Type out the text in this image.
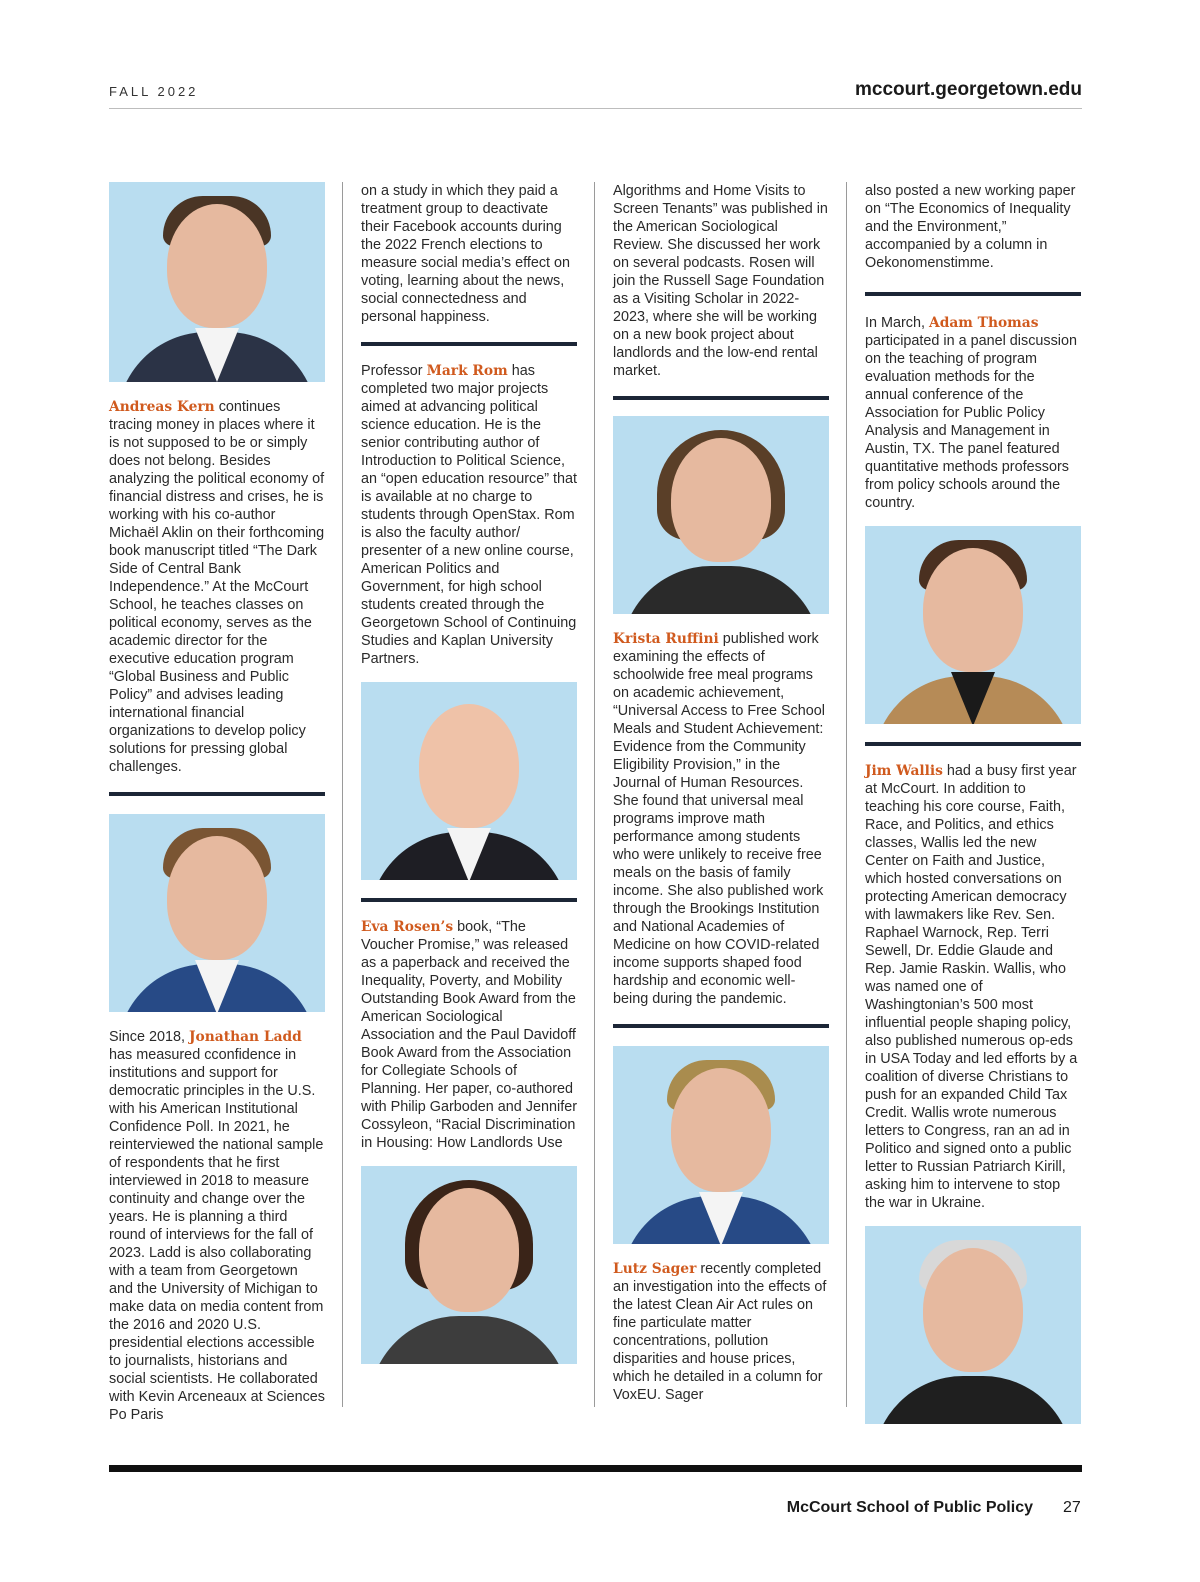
FALL 2022	mccourt.georgetown.edu

Andreas Kern continues tracing money in places where it is not supposed to be or simply does not belong. Besides analyzing the political economy of financial distress and crises, he is working with his co-author Michaël Aklin on their forthcoming book manuscript titled “The Dark Side of Central Bank Independence.” At the McCourt School, he teaches classes on political economy, serves as the academic director for the executive education program “Global Business and Public Policy” and advises leading international financial organizations to develop policy solutions for pressing global challenges.

Since 2018, Jonathan Ladd has measured cconfidence in institutions and support for democratic principles in the U.S. with his American Institutional Confidence Poll. In 2021, he reinterviewed the national sample of respondents that he first interviewed in 2018 to measure continuity and change over the years. He is planning a third round of interviews for the fall of 2023. Ladd is also collaborating with a team from Georgetown and the University of Michigan to make data on media content from the 2016 and 2020 U.S. presidential elections accessible to journalists, historians and social scientists. He collaborated with Kevin Arceneaux at Sciences Po Paris

on a study in which they paid a treatment group to deactivate their Facebook accounts during the 2022 French elections to measure social media’s effect on voting, learning about the news, social connectedness and personal happiness.

Professor Mark Rom has completed two major projects aimed at advancing political science education. He is the senior contributing author of Introduction to Political Science, an “open education resource” that is available at no charge to students through OpenStax. Rom is also the faculty author/ presenter of a new online course, American Politics and Government, for high school students created through the Georgetown School of Continuing Studies and Kaplan University Partners.

Eva Rosen’s book, “The Voucher Promise,” was released as a paperback and received the Inequality, Poverty, and Mobility Outstanding Book Award from the American Sociological Association and the Paul Davidoff Book Award from the Association for Collegiate Schools of Planning. Her paper, co-authored with Philip Garboden and Jennifer Cossyleon, “Racial Discrimination in Housing: How Landlords Use

Algorithms and Home Visits to Screen Tenants” was published in the American Sociological Review. She discussed her work on several podcasts. Rosen will join the Russell Sage Foundation as a Visiting Scholar in 2022-2023, where she will be working on a new book project about landlords and the low-end rental market.

Krista Ruffini published work examining the effects of schoolwide free meal programs on academic achievement, “Universal Access to Free School Meals and Student Achievement: Evidence from the Community Eligibility Provision,” in the Journal of Human Resources. She found that universal meal programs improve math performance among students who were unlikely to receive free meals on the basis of family income. She also published work through the Brookings Institution and National Academies of Medicine on how COVID-related income supports shaped food hardship and economic well-being during the pandemic.

Lutz Sager recently completed an investigation into the effects of the latest Clean Air Act rules on fine particulate matter concentrations, pollution disparities and house prices, which he detailed in a column for VoxEU. Sager

also posted a new working paper on “The Economics of Inequality and the Environment,” accompanied by a column in Oekonomenstimme.

In March, Adam Thomas participated in a panel discussion on the teaching of program evaluation methods for the annual conference of the Association for Public Policy Analysis and Management in Austin, TX. The panel featured quantitative methods professors from policy schools around the country.

Jim Wallis had a busy first year at McCourt. In addition to teaching his core course, Faith, Race, and Politics, and ethics classes, Wallis led the new Center on Faith and Justice, which hosted conversations on protecting American democracy with lawmakers like Rev. Sen. Raphael Warnock, Rep. Terri Sewell, Dr. Eddie Glaude and Rep. Jamie Raskin. Wallis, who was named one of Washingtonian’s 500 most influential people shaping policy, also published numerous op-eds in USA Today and led efforts by a coalition of diverse Christians to push for an expanded Child Tax Credit. Wallis wrote numerous letters to Congress, ran an ad in Politico and signed onto a public letter to Russian Patriarch Kirill, asking him to intervene to stop the war in Ukraine.

McCourt School of Public Policy 27
